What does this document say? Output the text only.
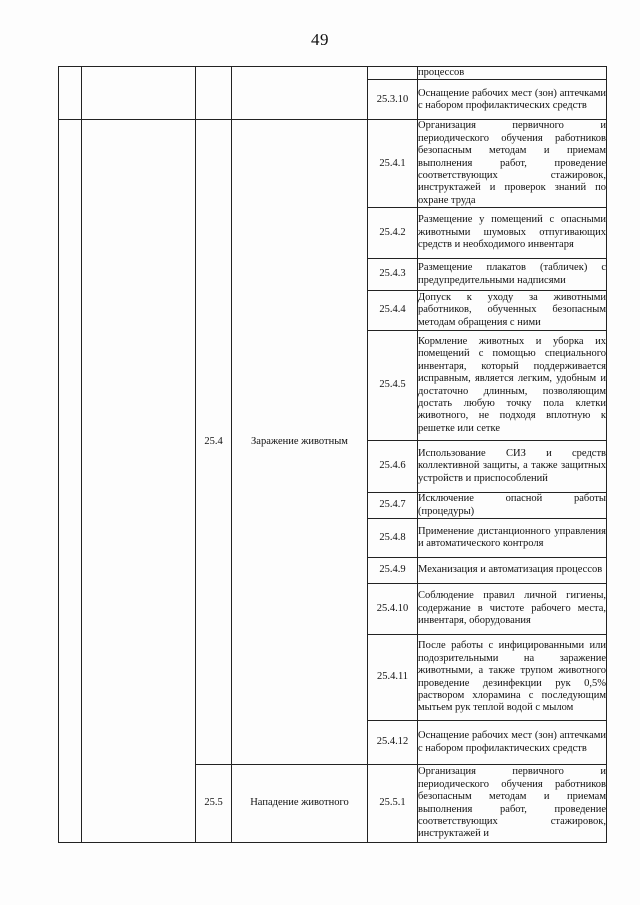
49
					процессов
				25.3.10	Оснащение рабочих мест (зон) аптечками с набором профилактических средств
		25.4	Заражение животным	25.4.1	Организация первичного и периодического обучения работников безопасным методам и приемам выполнения работ, проведение соответствующих стажировок, инструктажей и проверок знаний по охране труда
				25.4.2	Размещение у помещений с опасными животными шумовых отпугивающих средств и необходимого инвентаря
				25.4.3	Размещение плакатов (табличек) с предупредительными надписями
				25.4.4	Допуск к уходу за животными работников, обученных безопасным методам обращения с ними
				25.4.5	Кормление животных и уборка их помещений с помощью специального инвентаря, который поддерживается исправным, является легким, удобным и достаточно длинным, позволяющим достать любую точку пола клетки животного, не подходя вплотную к решетке или сетке
				25.4.6	Использование СИЗ и средств коллективной защиты, а также защитных устройств и приспособлений
				25.4.7	Исключение опасной работы (процедуры)
				25.4.8	Применение дистанционного управления и автоматического контроля
				25.4.9	Механизация и автоматизация процессов
				25.4.10	Соблюдение правил личной гигиены, содержание в чистоте рабочего места, инвентаря, оборудования
				25.4.11	После работы с инфицированными или подозрительными на заражение животными, а также трупом животного проведение дезинфекции рук 0,5% раствором хлорамина с последующим мытьем рук теплой водой с мылом
				25.4.12	Оснащение рабочих мест (зон) аптечками с набором профилактических средств
		25.5	Нападение животного	25.5.1	Организация первичного и периодического обучения работников безопасным методам и приемам выполнения работ, проведение соответствующих стажировок, инструктажей и
